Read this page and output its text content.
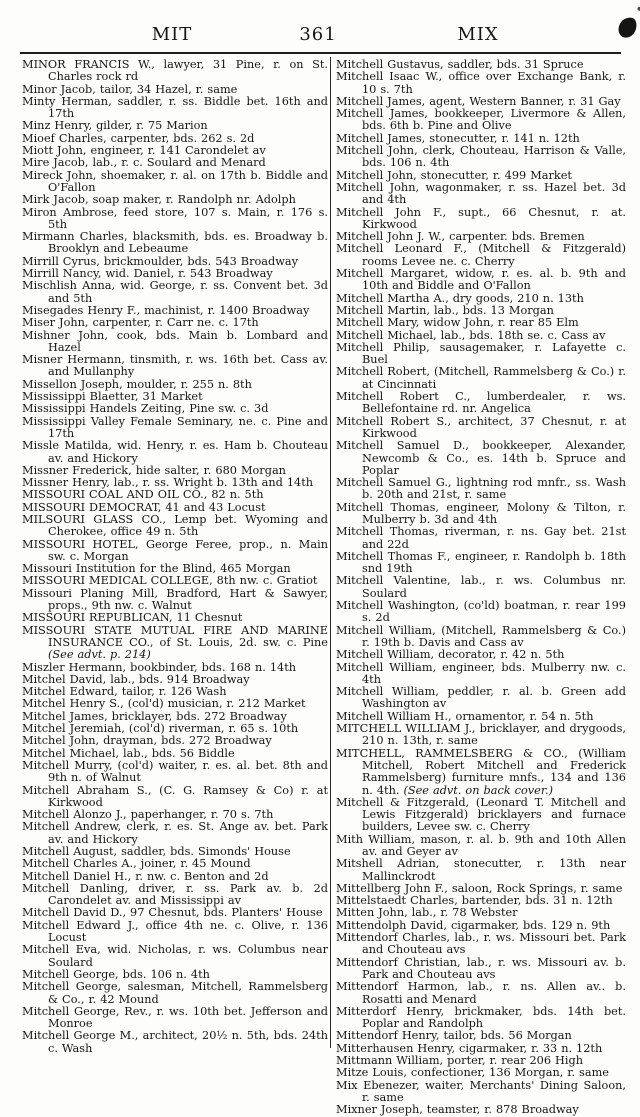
MIT	361	MIX
MINOR FRANCIS W., lawyer, 31 Pine, r. on St. Charles rock rd
Minor Jacob, tailor, 34 Hazel, r. same
Minty Herman, saddler, r. ss. Biddle bet. 16th and 17th
Minz Henry, gilder, r. 75 Marion
Mioef Charles, carpenter, bds. 262 s. 2d
Miott John, engineer, r. 141 Carondelet av
Mire Jacob, lab., r. c. Soulard and Menard
Mireck John, shoemaker, r. al. on 17th b. Biddle and O'Fallon
Mirk Jacob, soap maker, r. Randolph nr. Adolph
Miron Ambrose, feed store, 107 s. Main, r. 176 s. 5th
Mirmann Charles, blacksmith, bds. es. Broadway b. Brooklyn and Lebeaume
Mirrill Cyrus, brickmoulder, bds. 543 Broadway
Mirrill Nancy, wid. Daniel, r. 543 Broadway
Mischlish Anna, wid. George, r. ss. Convent bet. 3d and 5th
Misegades Henry F., machinist, r. 1400 Broadway
Miser John, carpenter, r. Carr ne. c. 17th
Mishner John, cook, bds. Main b. Lombard and Hazel
Misner Hermann, tinsmith, r. ws. 16th bet. Cass av. and Mullanphy
Missellon Joseph, moulder, r. 255 n. 8th
Mississippi Blaetter, 31 Market
Mississippi Handels Zeiting, Pine sw. c. 3d
Mississippi Valley Female Seminary, ne. c. Pine and 17th
Missle Matilda, wid. Henry, r. es. Ham b. Chouteau av. and Hickory
Missner Frederick, hide salter, r. 680 Morgan
Missner Henry, lab., r. ss. Wright b. 13th and 14th
MISSOURI COAL AND OIL CO., 82 n. 5th
MISSOURI DEMOCRAT, 41 and 43 Locust
MILSOURI GLASS CO., Lemp bet. Wyoming and Cherokee, office 49 n. 5th
MISSOURI HOTEL, George Feree, prop., n. Main sw. c. Morgan
Missouri Institution for the Blind, 465 Morgan
MISSOURI MEDICAL COLLEGE, 8th nw. c. Gratiot
Missouri Planing Mill, Bradford, Hart & Sawyer, props., 9th nw. c. Walnut
MISSOURI REPUBLICAN, 11 Chesnut
MISSOURI STATE MUTUAL FIRE AND MARINE INSURANCE CO., of St. Louis, 2d. sw. c. Pine (See advt. p. 214)
Miszler Hermann, bookbinder, bds. 168 n. 14th
Mitchel David, lab., bds. 914 Broadway
Mitchel Edward, tailor, r. 126 Wash
Mitchel Henry S., (col'd) musician, r. 212 Market
Mitchel James, bricklayer, bds. 272 Broadway
Mitchel Jeremiah, (col'd) riverman, r. 65 s. 10th
Mitchel John, drayman, bds. 272 Broadway
Mitchel Michael, lab., bds. 56 Biddle
Mitchell Murry, (col'd) waiter, r. es. al. bet. 8th and 9th n. of Walnut
Mitchell Abraham S., (C. G. Ramsey & Co) r. at Kirkwood
Mitchell Alonzo J., paperhanger, r. 70 s. 7th
Mitchell Andrew, clerk, r. es. St. Ange av. bet. Park av. and Hickory
Mitchell August, saddler, bds. Simonds' House
Mitchell Charles A., joiner, r. 45 Mound
Mitchell Daniel H., r. nw. c. Benton and 2d
Mitchell Danling, driver, r. ss. Park av. b. 2d Carondelet av. and Mississippi av
Mitchell David D., 97 Chesnut, bds. Planters' House
Mitchell Edward J., office 4th ne. c. Olive, r. 136 Locust
Mitchell Eva, wid. Nicholas, r. ws. Columbus near Soulard
Mitchell George, bds. 106 n. 4th
Mitchell George, salesman, Mitchell, Rammelsberg & Co., r. 42 Mound
Mitchell George, Rev., r. ws. 10th bet. Jefferson and Monroe
Mitchell George M., architect, 20½ n. 5th, bds. 24th c. Wash
Mitchell Gustavus, saddler, bds. 31 Spruce
Mitchell Isaac W., office over Exchange Bank, r. 10 s. 7th
Mitchell James, agent, Western Banner, r. 31 Gay
Mitchell James, bookkeeper, Livermore & Allen, bds. 6th b. Pine and Olive
Mitchell James, stonecutter, r. 141 n. 12th
Mitchell John, clerk, Chouteau, Harrison & Valle, bds. 106 n. 4th
Mitchell John, stonecutter, r. 499 Market
Mitchell John, wagonmaker, r. ss. Hazel bet. 3d and 4th
Mitchell John F., supt., 66 Chesnut, r. at. Kirkwood
Mitchell John J. W., carpenter. bds. Bremen
Mitchell Leonard F., (Mitchell & Fitzgerald) rooms Levee ne. c. Cherry
Mitchell Margaret, widow, r. es. al. b. 9th and 10th and Biddle and O'Fallon
Mitchell Martha A., dry goods, 210 n. 13th
Mitchell Martin, lab., bds. 13 Morgan
Mitchell Mary, widow John, r. rear 85 Elm
Mitchell Michael, lab., bds. 18th se. c. Cass av
Mitchell Philip, sausagemaker, r. Lafayette c. Buel
Mitchell Robert, (Mitchell, Rammelsberg & Co.) r. at Cincinnati
Mitchell Robert C., lumberdealer, r. ws. Bellefontaine rd. nr. Angelica
Mitchell Robert S., architect, 37 Chesnut, r. at Kirkwood
Mitchell Samuel D., bookkeeper, Alexander, Newcomb & Co., es. 14th b. Spruce and Poplar
Mitchell Samuel G., lightning rod mnfr., ss. Wash b. 20th and 21st, r. same
Mitchell Thomas, engineer, Molony & Tilton, r. Mulberry b. 3d and 4th
Mitchell Thomas, riverman, r. ns. Gay bet. 21st and 22d
Mitchell Thomas F., engineer, r. Randolph b. 18th snd 19th
Mitchell Valentine, lab., r. ws. Columbus nr. Soulard
Mitchell Washington, (co'ld) boatman, r. rear 199 s. 2d
Mitchell William, (Mitchell, Rammelsberg & Co.) r. 19th b. Davis and Cass av
Mitchell William, decorator, r. 42 n. 5th
Mitchell William, engineer, bds. Mulberry nw. c. 4th
Mitchell William, peddler, r. al. b. Green add Washington av
Mitchell William H., ornamentor, r. 54 n. 5th
MITCHELL WILLIAM J., bricklayer, and drygoods, 210 n. 13th, r. same
MITCHELL, RAMMELSBERG & CO., (William Mitchell, Robert Mitchell and Frederick Rammelsberg) furniture mnfs., 134 and 136 n. 4th. (See advt. on back cover.)
Mitchell & Fitzgerald, (Leonard T. Mitchell and Lewis Fitzgerald) bricklayers and furnace builders, Levee sw. c. Cherry
Mith William, mason, r. al. b. 9th and 10th Allen av. and Geyer av
Mitshell Adrian, stonecutter, r. 13th near Mallinckrodt
Mittellberg John F., saloon, Rock Springs, r. same
Mittelstaedt Charles, bartender, bds. 31 n. 12th
Mitten John, lab., r. 78 Webster
Mittendolph David, cigarmaker, bds. 129 n. 9th
Mittendorf Charles, lab., r. ws. Missouri bet. Park and Chouteau avs
Mittendorf Christian, lab., r. ws. Missouri av. b. Park and Chouteau avs
Mittendorf Harmon, lab., r. ns. Allen av.. b. Rosatti and Menard
Mitterdorf Henry, brickmaker, bds. 14th bet. Poplar and Randolph
Mittendorf Henry, tailor, bds. 56 Morgan
Mitterhausen Henry, cigarmaker, r. 33 n. 12th
Mittmann William, porter, r. rear 206 High
Mitze Louis, confectioner, 136 Morgan, r. same
Mix Ebenezer, waiter, Merchants' Dining Saloon, r. same
Mixner Joseph, teamster, r. 878 Broadway
